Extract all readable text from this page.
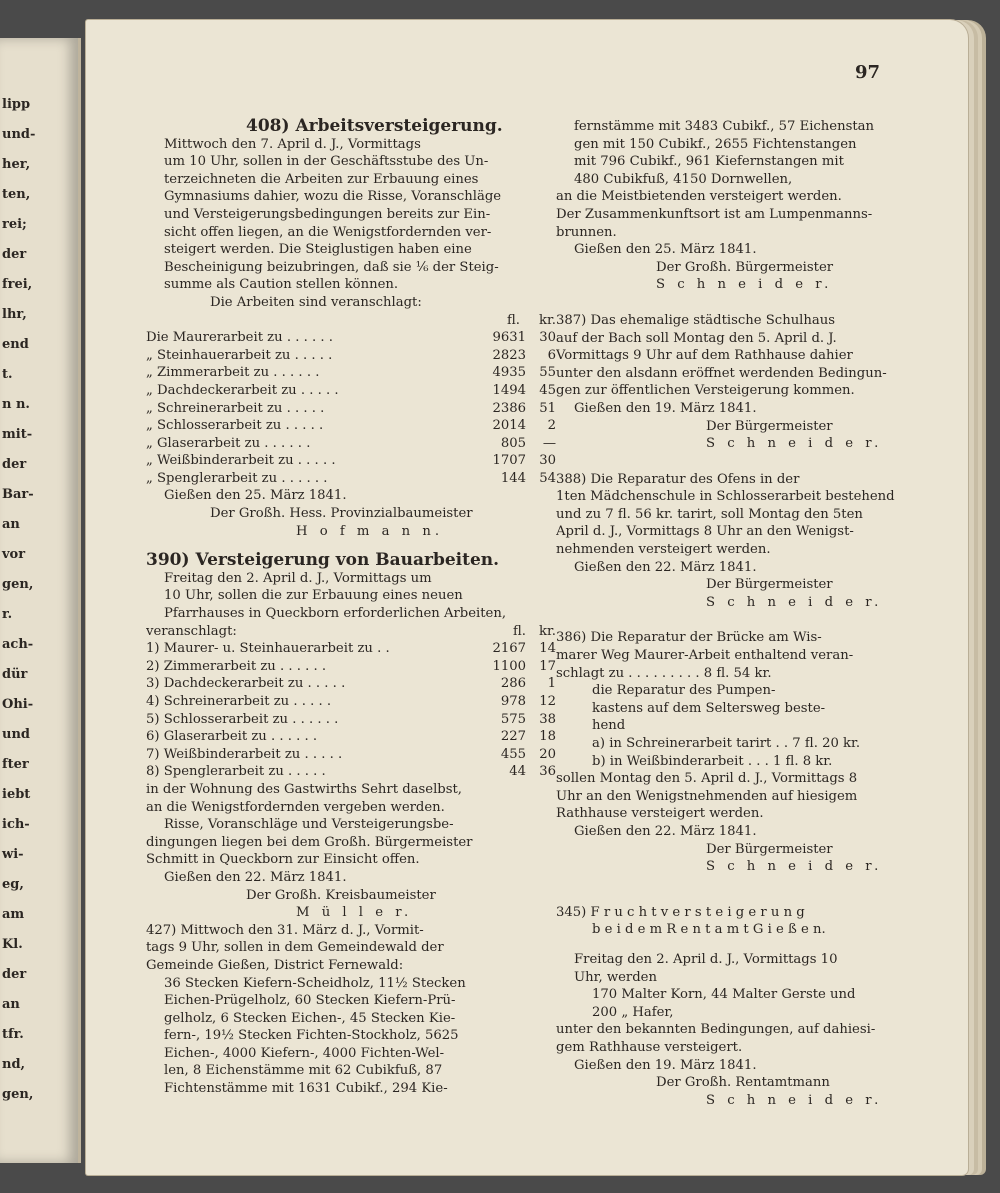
lipp
und-
her,
ten,
rei;
der
frei,
lhr,
end
t.
n n.
mit-
der
Bar-
an
vor
gen,
r.
ach-
dür
Ohi-
und
fter
iebt
ich-
wi-
eg,
am
Kl.
der
an
tfr.
nd,
gen,
97
408) Arbeitsversteigerung.
Mittwoch den 7. April d. J., Vormittags
um 10 Uhr, sollen in der Geschäftsstube des Un-
terzeichneten die Arbeiten zur Erbauung eines
Gymnasiums dahier, wozu die Risse, Voranschläge
und Versteigerungsbedingungen bereits zur Ein-
sicht offen liegen, an die Wenigstfordernden ver-
steigert werden. Die Steiglustigen haben eine
Bescheinigung beizubringen, daß sie ⅙ der Steig-
summe als Caution stellen können.
Die Arbeiten sind veranschlagt:
fl.	kr.
Die Maurerarbeit zu . . . . . .	9631	30
„ Steinhauerarbeit zu . . . . .	2823	6
„ Zimmerarbeit zu . . . . . .	4935	55
„ Dachdeckerarbeit zu . . . . .	1494	45
„ Schreinerarbeit zu . . . . .	2386	51
„ Schlosserarbeit zu . . . . .	2014	2
„ Glaserarbeit zu . . . . . .	805	—
„ Weißbinderarbeit zu . . . . .	1707	30
„ Spenglerarbeit zu . . . . . .	144	54
Gießen den 25. März 1841.
Der Großh. Hess. Provinzialbaumeister
H o f m a n n.
390) Versteigerung von Bauarbeiten.
Freitag den 2. April d. J., Vormittags um
10 Uhr, sollen die zur Erbauung eines neuen
Pfarrhauses in Queckborn erforderlichen Arbeiten,
veranschlagt:	fl. kr.
1) Maurer- u. Steinhauerarbeit zu . .	2167	14
2) Zimmerarbeit zu . . . . . .	1100	17
3) Dachdeckerarbeit zu . . . . .	286	1
4) Schreinerarbeit zu . . . . .	978	12
5) Schlosserarbeit zu . . . . . .	575	38
6) Glaserarbeit zu . . . . . .	227	18
7) Weißbinderarbeit zu . . . . .	455	20
8) Spenglerarbeit zu . . . . .	44	36
in der Wohnung des Gastwirths Sehrt daselbst,
an die Wenigstfordernden vergeben werden.
Risse, Voranschläge und Versteigerungsbe-
dingungen liegen bei dem Großh. Bürgermeister
Schmitt in Queckborn zur Einsicht offen.
Gießen den 22. März 1841.
Der Großh. Kreisbaumeister
M ü l l e r.
427) Mittwoch den 31. März d. J., Vormit-
tags 9 Uhr, sollen in dem Gemeindewald der
Gemeinde Gießen, District Fernewald:
36 Stecken Kiefern-Scheidholz, 11½ Stecken
Eichen-Prügelholz, 60 Stecken Kiefern-Prü-
gelholz, 6 Stecken Eichen-, 45 Stecken Kie-
fern-, 19½ Stecken Fichten-Stockholz, 5625
Eichen-, 4000 Kiefern-, 4000 Fichten-Wel-
len, 8 Eichenstämme mit 62 Cubikfuß, 87
Fichtenstämme mit 1631 Cubikf., 294 Kie-
fernstämme mit 3483 Cubikf., 57 Eichenstan
gen mit 150 Cubikf., 2655 Fichtenstangen
mit 796 Cubikf., 961 Kiefernstangen mit
480 Cubikfuß, 4150 Dornwellen,
an die Meistbietenden versteigert werden.
Der Zusammenkunftsort ist am Lumpenmanns-
brunnen.
Gießen den 25. März 1841.
Der Großh. Bürgermeister
S c h n e i d e r.
387) Das ehemalige städtische Schulhaus
auf der Bach soll Montag den 5. April d. J.
Vormittags 9 Uhr auf dem Rathhause dahier
unter den alsdann eröffnet werdenden Bedingun-
gen zur öffentlichen Versteigerung kommen.
Gießen den 19. März 1841.
Der Bürgermeister
S c h n e i d e r.
388) Die Reparatur des Ofens in der
1ten Mädchenschule in Schlosserarbeit bestehend
und zu 7 fl. 56 kr. tarirt, soll Montag den 5ten
April d. J., Vormittags 8 Uhr an den Wenigst-
nehmenden versteigert werden.
Gießen den 22. März 1841.
Der Bürgermeister
S c h n e i d e r.
386) Die Reparatur der Brücke am Wis-
marer Weg Maurer-Arbeit enthaltend veran-
schlagt zu . . . . . . . . . 8 fl. 54 kr.
die Reparatur des Pumpen-
kastens auf dem Seltersweg beste-
hend
a) in Schreinerarbeit tarirt . . 7 fl. 20 kr.
b) in Weißbinderarbeit . . . 1 fl. 8 kr.
sollen Montag den 5. April d. J., Vormittags 8
Uhr an den Wenigstnehmenden auf hiesigem
Rathhause versteigert werden.
Gießen den 22. März 1841.
Der Bürgermeister
S c h n e i d e r.
345) F r u c h t v e r s t e i g e r u n g
b e i d e m R e n t a m t G i e ß e n.
Freitag den 2. April d. J., Vormittags 10
Uhr, werden
170 Malter Korn, 44 Malter Gerste und
200 „ Hafer,
unter den bekannten Bedingungen, auf dahiesi-
gem Rathhause versteigert.
Gießen den 19. März 1841.
Der Großh. Rentamtmann
S c h n e i d e r.
